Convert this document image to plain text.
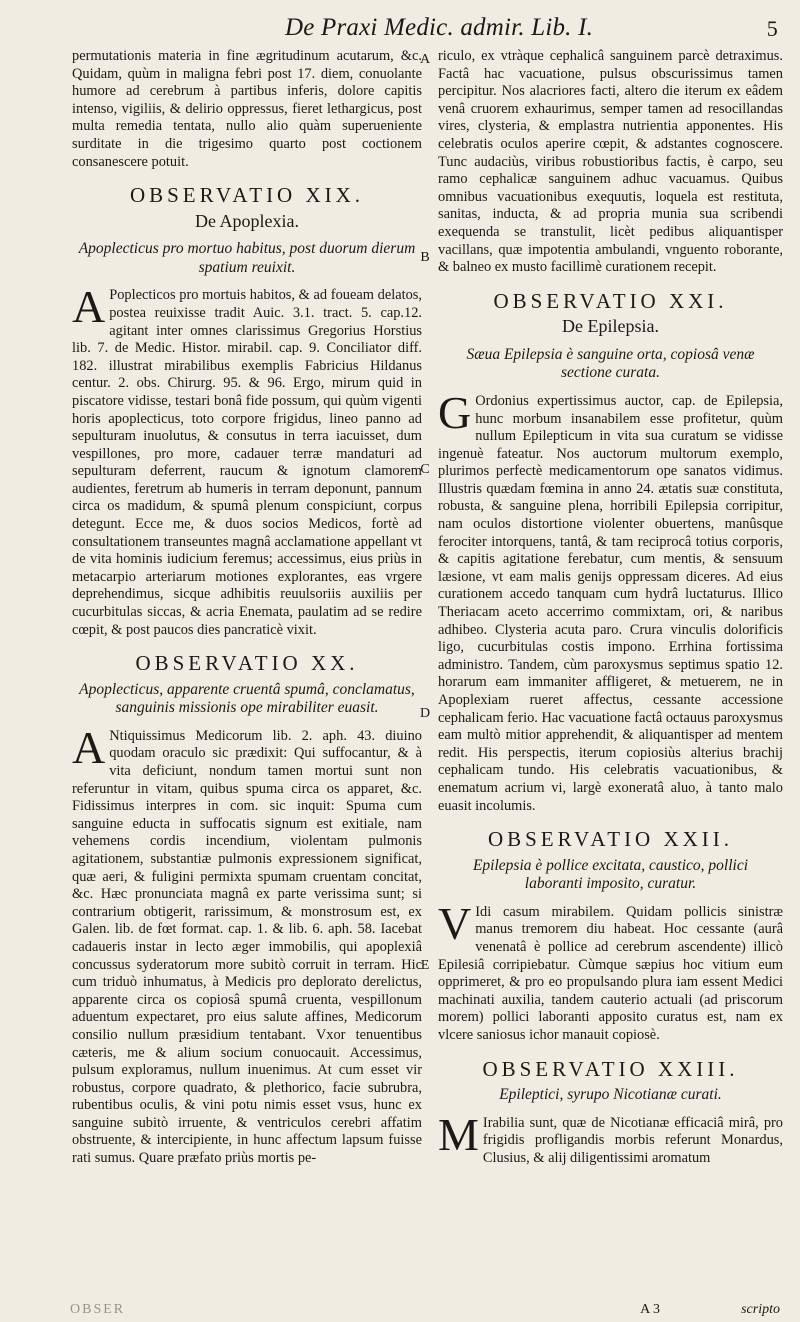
De Praxi Medic. admir. Lib. I.	5
A
B
C
D
E

permutationis materia in fine ægritudinum acutarum, &c. Quidam, quùm in maligna febri post 17. diem, conuolante humore ad cerebrum à partibus inferis, dolore capitis intenso, vigiliis, & delirio oppressus, fieret lethargicus, post multa remedia tentata, nullo alio quàm superueniente surditate in die trigesimo quarto post coctionem consanescere potuit.

OBSERVATIO XIX.
De Apoplexia.
Apoplecticus pro mortuo habitus, post duorum dierum spatium reuixit.

A Poplecticos pro mortuis habitos, & ad foueam delatos, postea reuixisse tradit Auic. 3.1. tract. 5. cap.12. agitant inter omnes clarissimus Gregorius Horstius lib. 7. de Medic. Histor. mirabil. cap. 9. Conciliator diff. 182. illustrat mirabilibus exemplis Fabricius Hildanus centur. 2. obs. Chirurg. 95. & 96. Ergo, mirum quid in piscatore vidisse, testari bonâ fide possum, qui quùm vigenti horis apoplecticus, toto corpore frigidus, lineo panno ad sepulturam inuolutus, & consutus in terra iacuisset, dum vespillones, pro more, cadauer terræ mandaturi ad sepulturam deferrent, raucum & ignotum clamorem audientes, feretrum ab humeris in terram deponunt, pannum circa os madidum, & spumâ plenum conspiciunt, corpus detegunt. Ecce me, & duos socios Medicos, fortè ad consultationem transeuntes magnâ acclamatione appellant vt de vita hominis iudicium feremus; accessimus, eius priùs in metacarpio arteriarum motiones explorantes, eas vrgere deprehendimus, sicque adhibitis reuulsoriis auxiliis per cucurbitulas siccas, & acria Enemata, paulatim ad se redire cœpit, & post paucos dies pancraticè vixit.

OBSERVATIO XX.
Apoplecticus, apparente cruentâ spumâ, conclamatus, sanguinis missionis ope mirabiliter euasit.

A Ntiquissimus Medicorum lib. 2. aph. 43. diuino quodam oraculo sic prædixit: Qui suffocantur, & à vita deficiunt, nondum tamen mortui sunt non referuntur in vitam, quibus spuma circa os apparet, &c. Fidissimus interpres in com. sic inquit: Spuma cum sanguine educta in suffocatis signum est exitiale, nam vehemens cordis incendium, violentam pulmonis agitationem, substantiæ pulmonis expressionem significat, quæ aeri, & fuligini permixta spumam cruentam concitat, &c. Hæc pronunciata magnâ ex parte verissima sunt; si contrarium obtigerit, rarissimum, & monstrosum est, ex Galen. lib. de fœt format. cap. 1. & lib. 6. aph. 58. Iacebat cadaueris instar in lecto æger immobilis, qui apoplexiâ concussus syderatorum more subitò corruit in terram. Hic cum triduò inhumatus, à Medicis pro deplorato derelictus, apparente circa os copiosâ spumâ cruenta, vespillonum aduentum expectaret, pro eius salute affines, Medicorum consilio nullum præsidium tentabant. Vxor tenuentibus cæteris, me & alium socium conuocauit. Accessimus, pulsum exploramus, nullum inuenimus. At cum esset vir robustus, corpore quadrato, & plethorico, facie subrubra, rubentibus oculis, & vini potu nimis esset vsus, hunc ex sanguine subitò irruente, & ventriculos cerebri affatim obstruente, & intercipiente, in hunc affectum lapsum fuisse rati sumus. Quare præfato priùs mortis pe-

riculo, ex vtràque cephalicâ sanguinem parcè detraximus. Factâ hac vacuatione, pulsus obscurissimus tamen percipitur. Nos alacriores facti, altero die iterum ex eâdem venâ cruorem exhaurimus, semper tamen ad resocillandas vires, clysteria, & emplastra nutrientia apponentes. His celebratis oculos aperire cœpit, & adstantes cognoscere. Tunc audaciùs, viribus robustioribus factis, è carpo, seu ramo cephalicæ sanguinem adhuc vacuamus. Quibus omnibus vacuationibus exequutis, loquela est restituta, sanitas, inducta, & ad propria munia sua scribendi exequenda se transtulit, licèt pedibus aliquantisper vacillans, quæ impotentia ambulandi, vnguento roborante, & balneo ex musto facillimè curationem recepit.

OBSERVATIO XXI.
De Epilepsia.
Sæua Epilepsia è sanguine orta, copiosâ venæ sectione curata.

G Ordonius expertissimus auctor, cap. de Epilepsia, hunc morbum insanabilem esse profitetur, quùm nullum Epilepticum in vita sua curatum se vidisse ingenuè fateatur. Nos auctorum multorum exemplo, plurimos perfectè medicamentorum ope sanatos vidimus. Illustris quædam fœmina in anno 24. ætatis suæ constituta, robusta, & sanguine plena, horribili Epilepsia corripitur, nam oculos distortione violenter obuertens, manûsque ferociter intorquens, tantâ, & tam reciprocâ totius corporis, & capitis agitatione ferebatur, cum mentis, & sensuum læsione, vt eam malis genijs oppressam diceres. Ad eius curationem accedo tanquam cum hydrâ luctaturus. Illico Theriacam aceto accerrimo commixtam, ori, & naribus adhibeo. Clysteria acuta paro. Crura vinculis dolorificis ligo, cucurbitulas costis impono. Errhina fortissima administro. Tandem, cùm paroxysmus septimus spatio 12. horarum eam immaniter affligeret, & metuerem, ne in Apoplexiam rueret affectus, cessante accessione cephalicam ferio. Hac vacuatione factâ octauus paroxysmus eam multò mitior apprehendit, & aliquantisper ad mentem redit. His perspectis, iterum copiosiùs alterius brachij cephalicam tundo. His celebratis vacuationibus, & enematum acrium vi, largè exoneratâ aluo, à tanto malo euasit incolumis.

OBSERVATIO XXII.
Epilepsia è pollice excitata, caustico, pollici laboranti imposito, curatur.

V Idi casum mirabilem. Quidam pollicis sinistræ manus tremorem diu habeat. Hoc cessante (aurâ venenatâ è pollice ad cerebrum ascendente) illicò Epilesiâ corripiebatur. Cùmque sæpius hoc vitium eum opprimeret, & pro eo propulsando plura iam essent Medici machinati auxilia, tandem cauterio actuali (ad priscorum morem) pollici laboranti apposito curatus est, nam ex vlcere saniosus ichor manauit copiosè.

OBSERVATIO XXIII.
Epileptici, syrupo Nicotianæ curati.

M Irabilia sunt, quæ de Nicotianæ efficaciâ mirâ, pro frigidis profligandis morbis referunt Monardus, Clusius, & alij diligentissimi aromatum

OBSER	A 3	scripto
